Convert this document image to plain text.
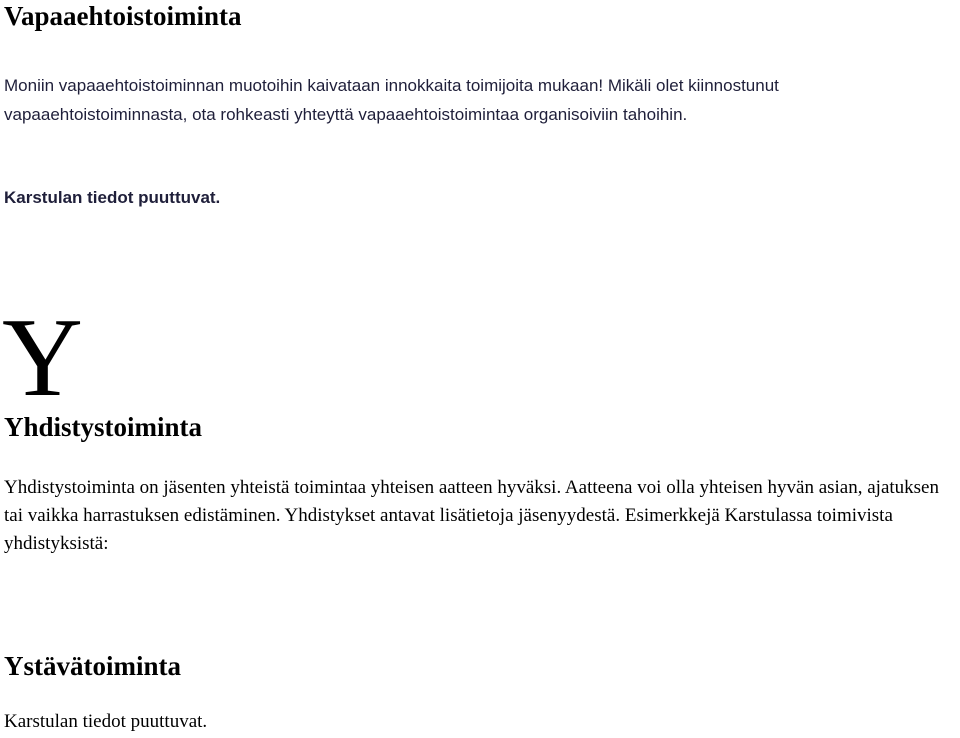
Vapaaehtoistoiminta

Moniin vapaaehtoistoiminnan muotoihin kaivataan innokkaita toimijoita mukaan! Mikäli olet kiinnostunut vapaaehtoistoiminnasta, ota rohkeasti yhteyttä vapaaehtoistoimintaa organisoiviin tahoihin.

Karstulan tiedot puuttuvat.

Y
Yhdistystoiminta

Yhdistystoiminta on jäsenten yhteistä toimintaa yhteisen aatteen hyväksi. Aatteena voi olla yhteisen hyvän asian, ajatuksen tai vaikka harrastuksen edistäminen. Yhdistykset antavat lisätietoja jäsenyydestä. Esimerkkejä Karstulassa toimivista yhdistyksistä:

Ystävätoiminta

Karstulan tiedot puuttuvat.
